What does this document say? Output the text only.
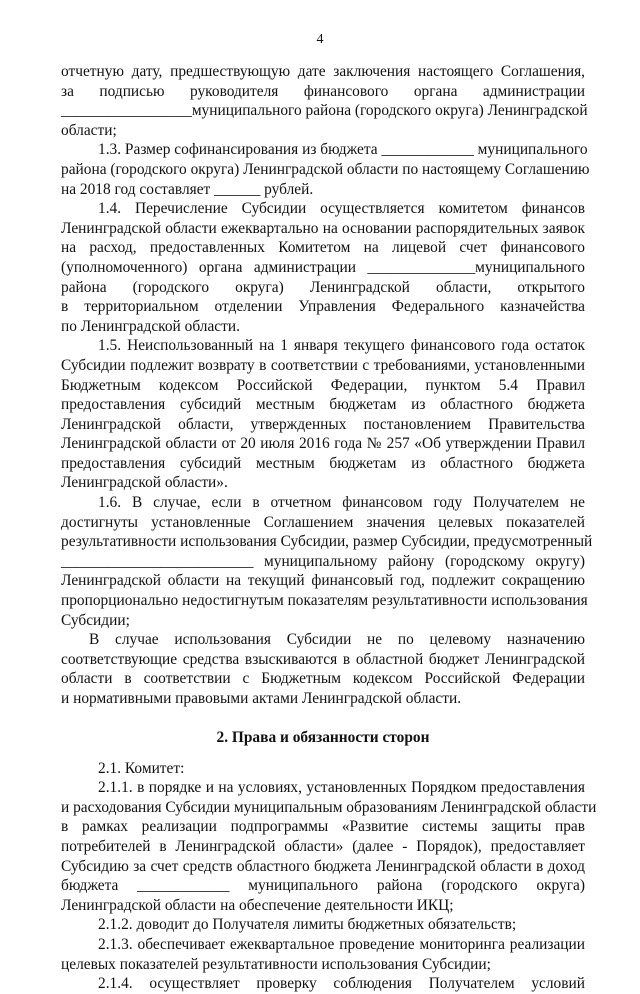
4
отчетную дату, предшествующую дате заключения настоящего Соглашения,
за подписью руководителя финансового органа администрации
_________________муниципального района (городского округа) Ленинградской
области;
1.3. Размер софинансирования из бюджета ____________ муниципального
района (городского округа) Ленинградской области по настоящему Соглашению
на 2018 год составляет ______ рублей.
1.4. Перечисление Субсидии осуществляется комитетом финансов
Ленинградской области ежеквартально на основании распорядительных заявок
на расход, предоставленных Комитетом на лицевой счет финансового
(уполномоченного) органа администрации ______________муниципального
района (городского округа) Ленинградской области, открытого
в территориальном отделении Управления Федерального казначейства
по Ленинградской области.
1.5. Неиспользованный на 1 января текущего финансового года остаток
Субсидии подлежит возврату в соответствии с требованиями, установленными
Бюджетным кодексом Российской Федерации, пунктом 5.4 Правил
предоставления субсидий местным бюджетам из областного бюджета
Ленинградской области, утвержденных постановлением Правительства
Ленинградской области от 20 июля 2016 года № 257 «Об утверждении Правил
предоставления субсидий местным бюджетам из областного бюджета
Ленинградской области».
1.6. В случае, если в отчетном финансовом году Получателем не
достигнуты установленные Соглашением значения целевых показателей
результативности использования Субсидии, размер Субсидии, предусмотренный
_________________________ муниципальному району (городскому округу)
Ленинградской области на текущий финансовый год, подлежит сокращению
пропорционально недостигнутым показателям результативности использования
Субсидии;
В случае использования Субсидии не по целевому назначению
соответствующие средства взыскиваются в областной бюджет Ленинградской
области в соответствии с Бюджетным кодексом Российской Федерации
и нормативными правовыми актами Ленинградской области.
2. Права и обязанности сторон
2.1. Комитет:
2.1.1. в порядке и на условиях, установленных Порядком предоставления
и расходования Субсидии муниципальным образованиям Ленинградской области
в рамках реализации подпрограммы «Развитие системы защиты прав
потребителей в Ленинградской области» (далее - Порядок), предоставляет
Субсидию за счет средств областного бюджета Ленинградской области в доход
бюджета ____________ муниципального района (городского округа)
Ленинградской области на обеспечение деятельности ИКЦ;
2.1.2. доводит до Получателя лимиты бюджетных обязательств;
2.1.3. обеспечивает ежеквартальное проведение мониторинга реализации
целевых показателей результативности использования Субсидии;
2.1.4. осуществляет проверку соблюдения Получателем условий
